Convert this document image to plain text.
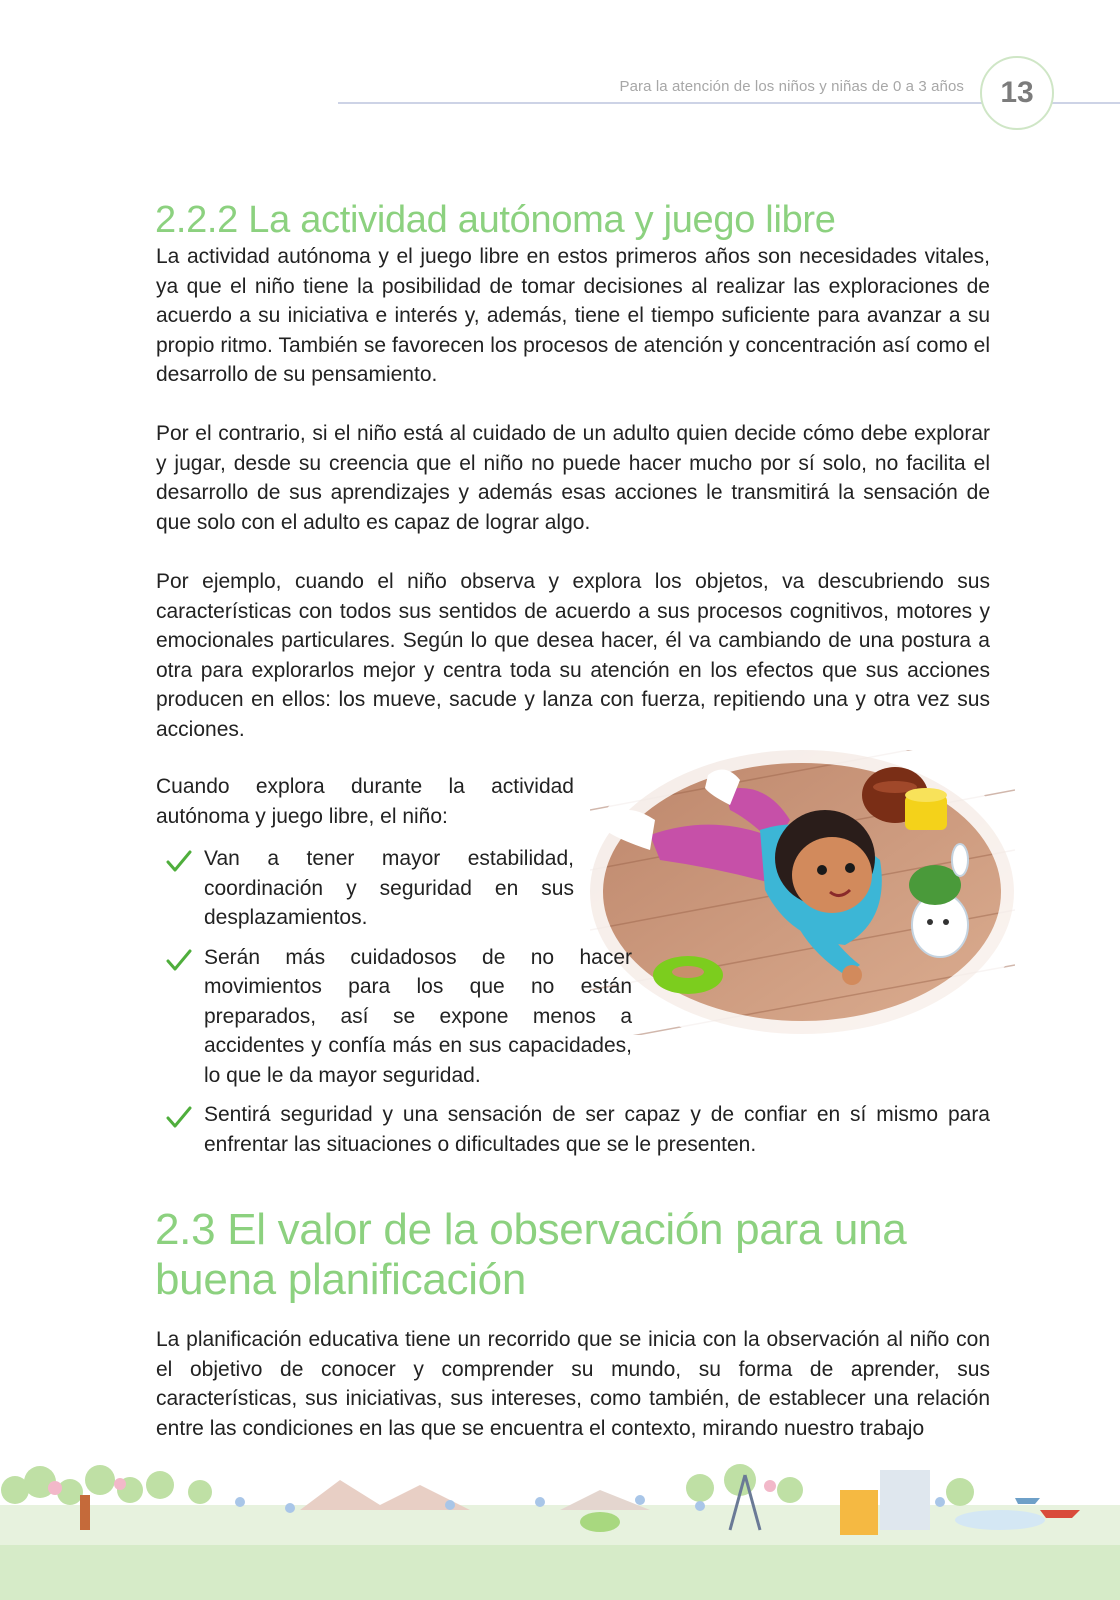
Para la atención de los niños y niñas de 0 a 3 años	13
2.2.2 La actividad autónoma y juego libre

La actividad autónoma y el juego libre en estos primeros años son necesidades vitales, ya que el niño tiene la posibilidad de tomar decisiones al realizar las exploraciones de acuerdo a su iniciativa e interés y, además, tiene el tiempo suficiente para avanzar a su propio ritmo. También se favorecen los procesos de atención y concentración así como el desarrollo de su pensamiento.

Por el contrario, si el niño está al cuidado de un adulto quien decide cómo debe explorar y jugar, desde su creencia que el niño no puede hacer mucho por sí solo, no facilita el desarrollo de sus aprendizajes y además esas acciones le transmitirá la sensación de que solo con el adulto es capaz de lograr algo.

Por ejemplo, cuando el niño observa y explora los objetos, va descubriendo sus características con todos sus sentidos de acuerdo a sus procesos cognitivos, motores y emocionales particulares. Según lo que desea hacer, él va cambiando de una postura a otra para explorarlos mejor y centra toda su atención en los efectos que sus acciones producen en ellos: los mueve, sacude y lanza con fuerza, repitiendo una y otra vez sus acciones.

Cuando explora durante la actividad autónoma y juego libre, el niño:

Van a tener mayor estabilidad, coordinación y seguridad en sus desplazamientos.
Serán más cuidadosos de no hacer movimientos para los que no están preparados, así se expone menos a accidentes y confía más en sus capacidades, lo que le da mayor seguridad.
Sentirá seguridad y una sensación de ser capaz y de confiar en sí mismo para enfrentar las situaciones o dificultades que se le presenten.
2.3 El valor de la observación para una buena planificación

La planificación educativa tiene un recorrido que se inicia con la observación al niño con el objetivo de conocer y comprender su mundo, su forma de aprender, sus características, sus iniciativas, sus intereses, como también, de establecer una relación entre las condiciones en las que se encuentra el contexto, mirando nuestro trabajo
